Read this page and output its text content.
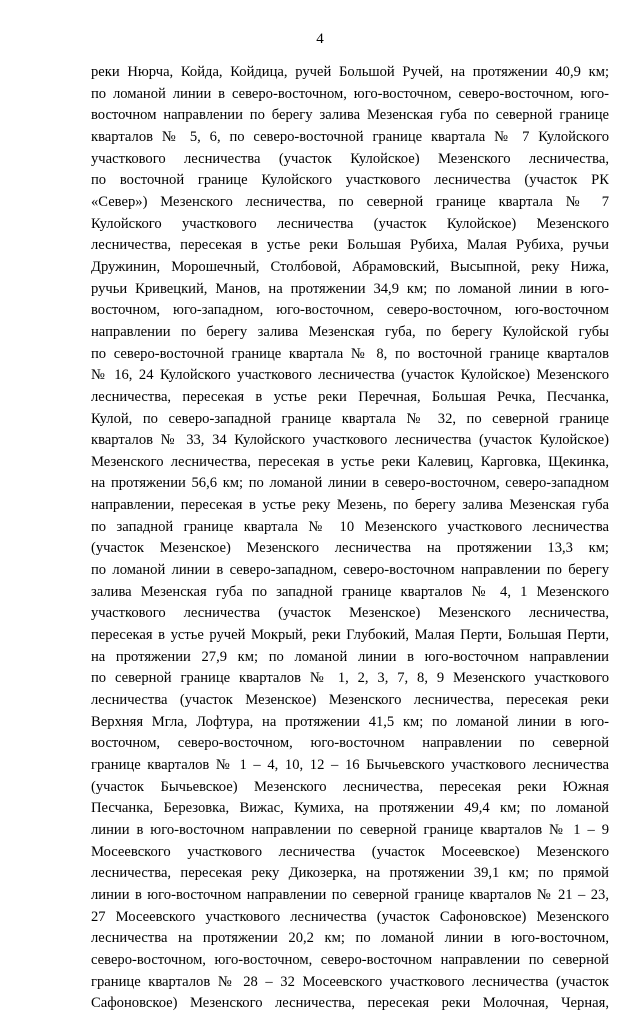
4
реки Нюрча, Койда, Койдица, ручей Большой Ручей, на протяжении 40,9 км;
по ломаной линии в северо-восточном, юго-восточном, северо-восточном, юго-
восточном направлении по берегу залива Мезенская губа по северной границе
кварталов № 5, 6, по северо-восточной границе квартала № 7 Кулойского
участкового лесничества (участок Кулойское) Мезенского лесничества,
по восточной границе Кулойского участкового лесничества (участок РК
«Север») Мезенского лесничества, по северной границе квартала № 7
Кулойского участкового лесничества (участок Кулойское) Мезенского
лесничества, пересекая в устье реки Большая Рубиха, Малая Рубиха, ручьи
Дружинин, Морошечный, Столбовой, Абрамовский, Высыпной, реку Нижа,
ручьи Кривецкий, Манов, на протяжении 34,9 км; по ломаной линии в юго-
восточном, юго-западном, юго-восточном, северо-восточном, юго-восточном
направлении по берегу залива Мезенская губа, по берегу Кулойской губы
по северо-восточной границе квартала № 8, по восточной границе кварталов
№ 16, 24 Кулойского участкового лесничества (участок Кулойское) Мезенского
лесничества, пересекая в устье реки Перечная, Большая Речка, Песчанка,
Кулой, по северо-западной границе квартала № 32, по северной границе
кварталов № 33, 34 Кулойского участкового лесничества (участок Кулойское)
Мезенского лесничества, пересекая в устье реки Калевиц, Карговка, Щекинка,
на протяжении 56,6 км; по ломаной линии в северо-восточном, северо-западном
направлении, пересекая в устье реку Мезень, по берегу залива Мезенская губа
по западной границе квартала № 10 Мезенского участкового лесничества
(участок Мезенское) Мезенского лесничества на протяжении 13,3 км;
по ломаной линии в северо-западном, северо-восточном направлении по берегу
залива Мезенская губа по западной границе кварталов № 4, 1 Мезенского
участкового лесничества (участок Мезенское) Мезенского лесничества,
пересекая в устье ручей Мокрый, реки Глубокий, Малая Перти, Большая Перти,
на протяжении 27,9 км; по ломаной линии в юго-восточном направлении
по северной границе кварталов № 1, 2, 3, 7, 8, 9 Мезенского участкового
лесничества (участок Мезенское) Мезенского лесничества, пересекая реки
Верхняя Мгла, Лофтура, на протяжении 41,5 км; по ломаной линии в юго-
восточном, северо-восточном, юго-восточном направлении по северной
границе кварталов № 1 – 4, 10, 12 – 16 Бычьевского участкового лесничества
(участок Бычьевское) Мезенского лесничества, пересекая реки Южная
Песчанка, Березовка, Вижас, Кумиха, на протяжении 49,4 км; по ломаной
линии в юго-восточном направлении по северной границе кварталов № 1 – 9
Мосеевского участкового лесничества (участок Мосеевское) Мезенского
лесничества, пересекая реку Дикозерка, на протяжении 39,1 км; по прямой
линии в юго-восточном направлении по северной границе кварталов № 21 – 23,
27 Мосеевского участкового лесничества (участок Сафоновское) Мезенского
лесничества на протяжении 20,2 км; по ломаной линии в юго-восточном,
северо-восточном, юго-восточном, северо-восточном направлении по северной
границе кварталов № 28 – 32 Мосеевского участкового лесничества (участок
Сафоновское) Мезенского лесничества, пересекая реки Молочная, Черная,
